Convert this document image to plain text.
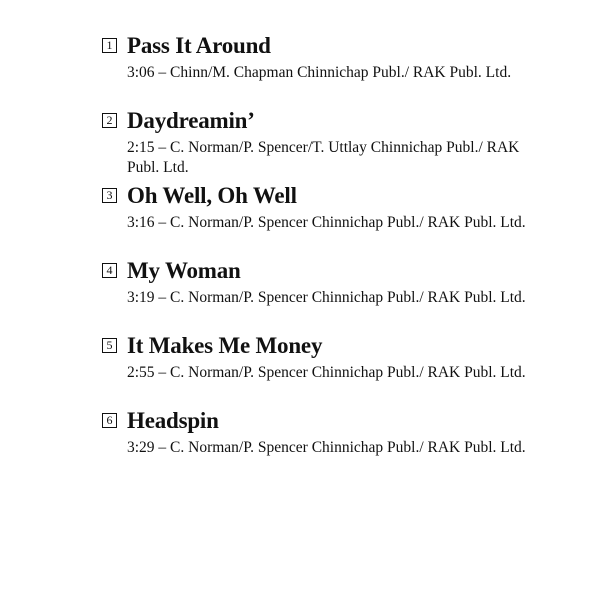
1 Pass It Around

3:06 – Chinn/M. Chapman Chinnichap Publ./ RAK Publ. Ltd.

2 Daydreamin’

2:15 – C. Norman/P. Spencer/T. Uttlay Chinnichap Publ./ RAK Publ. Ltd.

3 Oh Well, Oh Well

3:16 – C. Norman/P. Spencer Chinnichap Publ./ RAK Publ. Ltd.

4 My Woman

3:19 – C. Norman/P. Spencer Chinnichap Publ./ RAK Publ. Ltd.

5 It Makes Me Money

2:55 – C. Norman/P. Spencer Chinnichap Publ./ RAK Publ. Ltd.

6 Headspin

3:29 – C. Norman/P. Spencer Chinnichap Publ./ RAK Publ. Ltd.
